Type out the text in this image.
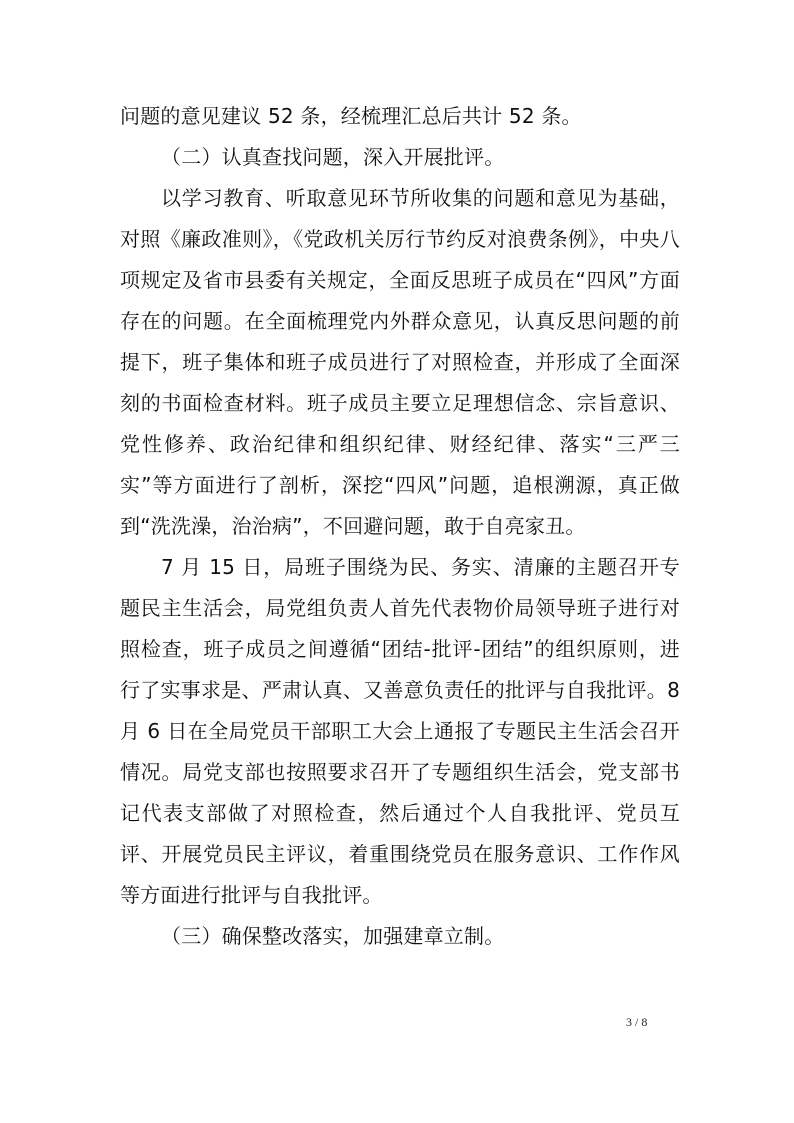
问题的意见建议 52 条，经梳理汇总后共计 52 条。

（二）认真查找问题，深入开展批评。

以学习教育、听取意见环节所收集的问题和意见为基础，对照《廉政准则》，《党政机关厉行节约反对浪费条例》，中央八项规定及省市县委有关规定，全面反思班子成员在“四风”方面存在的问题。在全面梳理党内外群众意见，认真反思问题的前提下，班子集体和班子成员进行了对照检查，并形成了全面深刻的书面检查材料。班子成员主要立足理想信念、宗旨意识、党性修养、政治纪律和组织纪律、财经纪律、落实“三严三实”等方面进行了剖析，深挖“四风”问题，追根溯源，真正做到“洗洗澡，治治病”，不回避问题，敢于自亮家丑。

7 月 15 日，局班子围绕为民、务实、清廉的主题召开专题民主生活会，局党组负责人首先代表物价局领导班子进行对照检查，班子成员之间遵循“团结-批评-团结”的组织原则，进行了实事求是、严肃认真、又善意负责任的批评与自我批评。8 月 6 日在全局党员干部职工大会上通报了专题民主生活会召开情况。局党支部也按照要求召开了专题组织生活会，党支部书记代表支部做了对照检查，然后通过个人自我批评、党员互评、开展党员民主评议，着重围绕党员在服务意识、工作作风等方面进行批评与自我批评。

（三）确保整改落实，加强建章立制。

3 / 8
